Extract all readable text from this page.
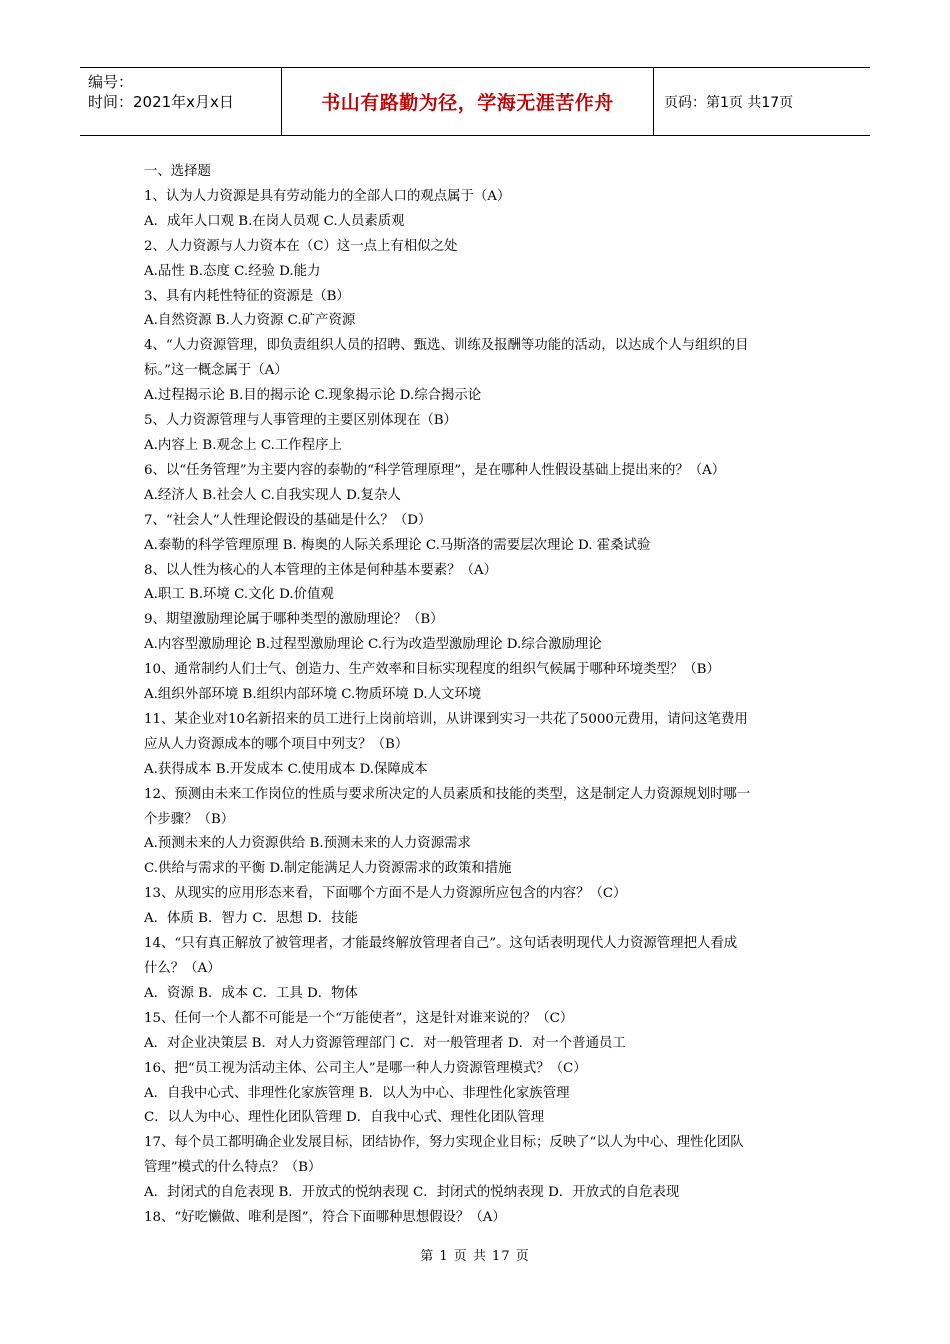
编号：
时间：2021年x月x日	书山有路勤为径，学海无涯苦作舟	页码：第1页 共17页
一、选择题
1、认为人力资源是具有劳动能力的全部人口的观点属于（A）
A．成年人口观 B.在岗人员观 C.人员素质观
2、人力资源与人力资本在（C）这一点上有相似之处
A.品性 B.态度 C.经验 D.能力
3、具有内耗性特征的资源是（B）
A.自然资源 B.人力资源 C.矿产资源
4、“人力资源管理，即负责组织人员的招聘、甄选、训练及报酬等功能的活动，以达成个人与组织的目
标。”这一概念属于（A）
A.过程揭示论 B.目的揭示论 C.现象揭示论 D.综合揭示论
5、人力资源管理与人事管理的主要区别体现在（B）
A.内容上 B.观念上 C.工作程序上
6、以“任务管理”为主要内容的泰勒的“科学管理原理”，是在哪种人性假设基础上提出来的？（A）
A.经济人 B.社会人 C.自我实现人 D.复杂人
7、“社会人”人性理论假设的基础是什么？（D）
A.泰勒的科学管理原理 B. 梅奥的人际关系理论 C.马斯洛的需要层次理论 D. 霍桑试验
8、以人性为核心的人本管理的主体是何种基本要素？（A）
A.职工 B.环境 C.文化 D.价值观
9、期望激励理论属于哪种类型的激励理论？（B）
A.内容型激励理论 B.过程型激励理论 C.行为改造型激励理论 D.综合激励理论
10、通常制约人们士气、创造力、生产效率和目标实现程度的组织气候属于哪种环境类型？（B）
A.组织外部环境 B.组织内部环境 C.物质环境 D.人文环境
11、某企业对10名新招来的员工进行上岗前培训，从讲课到实习一共花了5000元费用，请问这笔费用
应从人力资源成本的哪个项目中列支？（B）
A.获得成本 B.开发成本 C.使用成本 D.保障成本
12、预测由未来工作岗位的性质与要求所决定的人员素质和技能的类型，这是制定人力资源规划时哪一
个步骤？（B）
A.预测未来的人力资源供给 B.预测未来的人力资源需求
C.供给与需求的平衡 D.制定能满足人力资源需求的政策和措施
13、从现实的应用形态来看，下面哪个方面不是人力资源所应包含的内容？（C）
A．体质 B．智力 C．思想 D．技能
14、“只有真正解放了被管理者，才能最终解放管理者自己”。这句话表明现代人力资源管理把人看成
什么？（A）
A．资源 B．成本 C．工具 D．物体
15、任何一个人都不可能是一个“万能使者”，这是针对谁来说的？（C）
A．对企业决策层 B．对人力资源管理部门 C．对一般管理者 D．对一个普通员工
16、把“员工视为活动主体、公司主人”是哪一种人力资源管理模式？（C）
A．自我中心式、非理性化家族管理 B．以人为中心、非理性化家族管理
C．以人为中心、理性化团队管理 D．自我中心式、理性化团队管理
17、每个员工都明确企业发展目标，团结协作，努力实现企业目标；反映了“以人为中心、理性化团队
管理”模式的什么特点？（B）
A．封闭式的自危表现 B．开放式的悦纳表现 C．封闭式的悦纳表现 D．开放式的自危表现
18、“好吃懒做、唯利是图”，符合下面哪种思想假设？（A）
第 1 页 共 17 页
